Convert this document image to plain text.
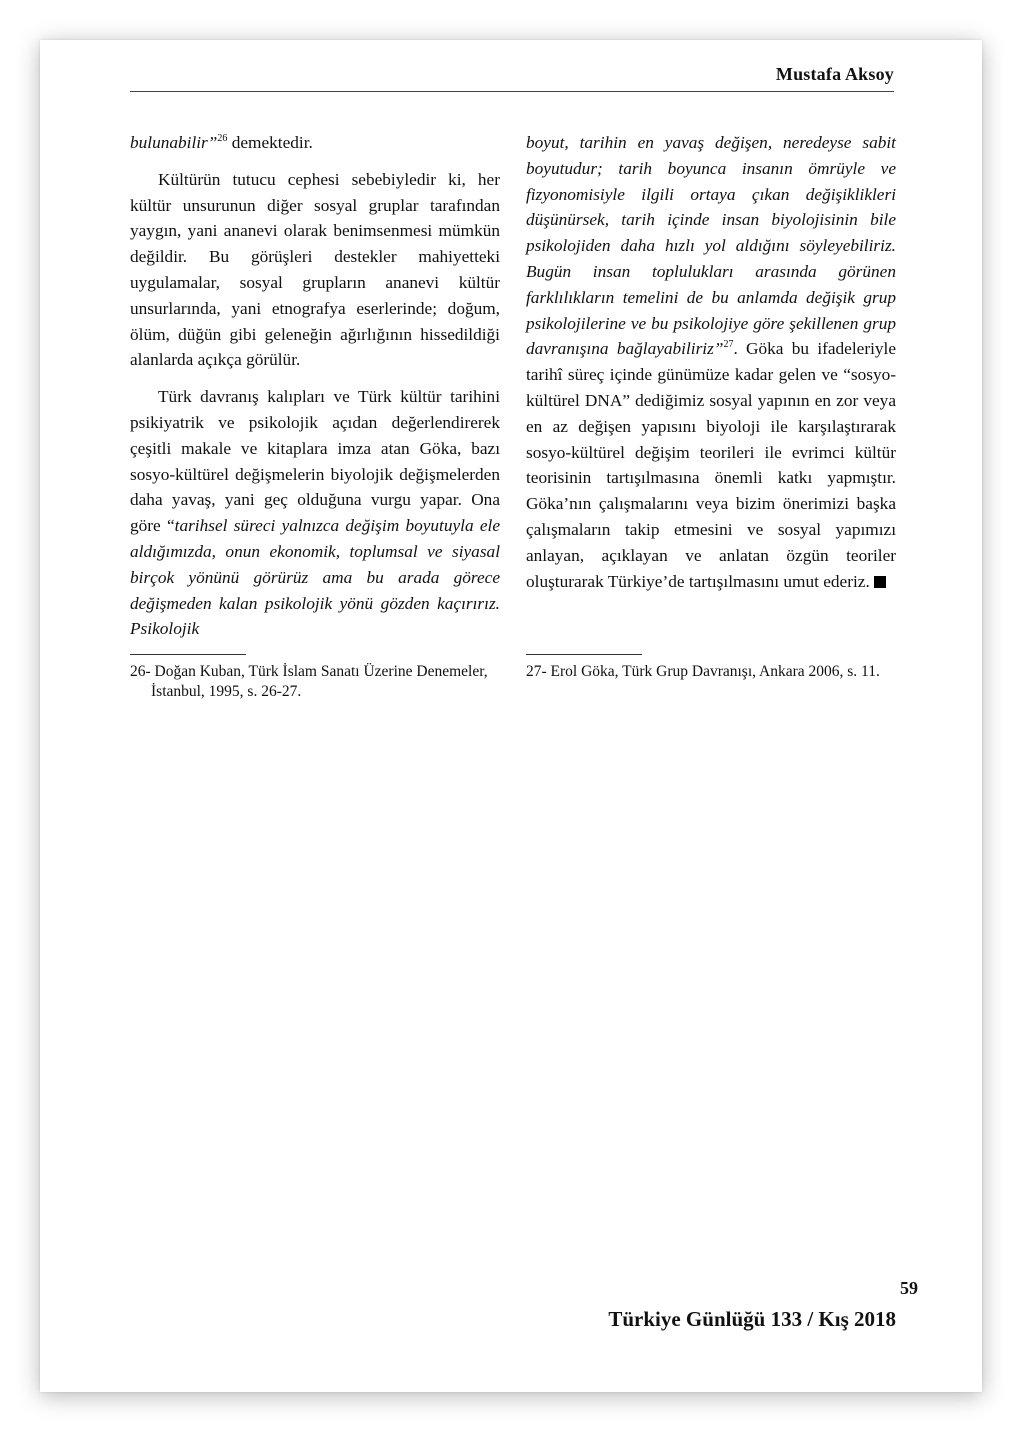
Mustafa Aksoy

bulunabilir”$^{26}$ demektedir.

Kültürün tutucu cephesi sebebiyledir ki, her kültür unsurunun diğer sosyal gruplar tarafından yaygın, yani ananevi olarak benimsenmesi mümkün değildir. Bu görüşleri destekler mahiyetteki uygulamalar, sosyal grupların ananevi kültür unsurlarında, yani etnografya eserlerinde; doğum, ölüm, düğün gibi geleneğin ağırlığının hissedildiği alanlarda açıkça görülür.

Türk davranış kalıpları ve Türk kültür tarihini psikiyatrik ve psikolojik açıdan değerlendirerek çeşitli makale ve kitaplara imza atan Göka, bazı sosyo-kültürel değişmelerin biyolojik değişmelerden daha yavaş, yani geç olduğuna vurgu yapar. Ona göre “tarihsel süreci yalnızca değişim boyutuyla ele aldığımızda, onun ekonomik, toplumsal ve siyasal birçok yönünü görürüz ama bu arada görece değişmeden kalan psikolojik yönü gözden kaçırırız. Psikolojik

boyut, tarihin en yavaş değişen, neredeyse sabit boyutudur; tarih boyunca insanın ömrüyle ve fizyonomisiyle ilgili ortaya çıkan değişiklikleri düşünürsek, tarih içinde insan biyolojisinin bile psikolojiden daha hızlı yol aldığını söyleyebiliriz. Bugün insan toplulukları arasında görünen farklılıkların temelini de bu anlamda değişik grup psikolojilerine ve bu psikolojiye göre şekillenen grup davranışına bağlayabiliriz”$^{27}$. Göka bu ifadeleriyle tarihî süreç içinde günümüze kadar gelen ve “sosyo-kültürel DNA” dediğimiz sosyal yapının en zor veya en az değişen yapısını biyoloji ile karşılaştırarak sosyo-kültürel değişim teorileri ile evrimci kültür teorisinin tartışılmasına önemli katkı yapmıştır. Göka’nın çalışmalarını veya bizim önerimizi başka çalışmaların takip etmesini ve sosyal yapımızı anlayan, açıklayan ve anlatan özgün teoriler oluşturarak Türkiye’de tartışılmasını umut ederiz.

26- Doğan Kuban, Türk İslam Sanatı Üzerine Denemeler, İstanbul, 1995, s. 26-27.
27- Erol Göka, Türk Grup Davranışı, Ankara 2006, s. 11.
59
Türkiye Günlüğü 133 / Kış 2018
